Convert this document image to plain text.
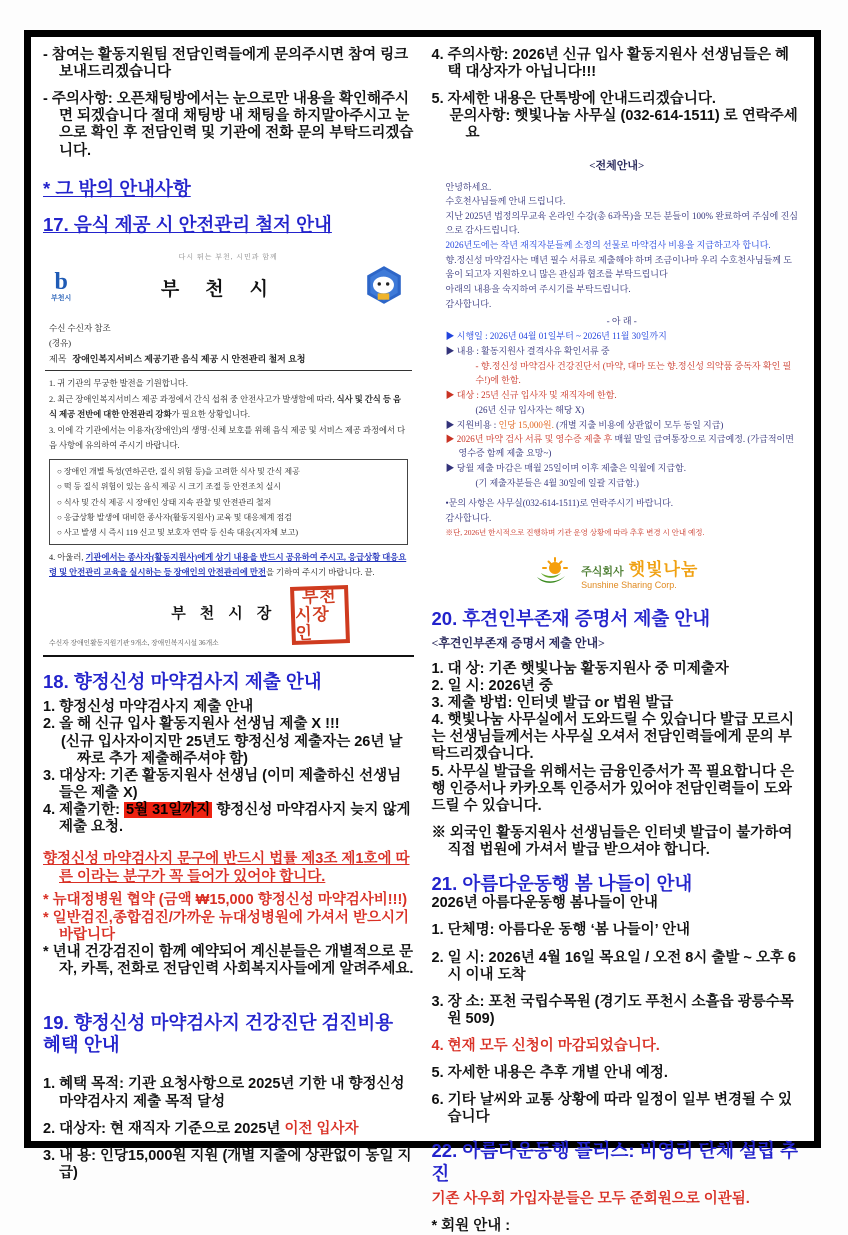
- 참여는 활동지원팀 전담인력들에게 문의주시면 참여 링크 보내드리겠습니다

- 주의사항: 오픈채팅방에서는 눈으로만 내용을 확인해주시면 되겠습니다 절대 채팅방 내 채팅을 하지말아주시고 눈으로 확인 후 전담인력 및 기관에 전화 문의 부탁드리겠습니다.

* 그 밖의 안내사항

17. 음식 제공 시 안전관리 철저 안내

다시 뛰는 부천, 시민과 함께

b
부천시	부천시
수신 수신자 참조
(경유)
제목 장애인복지서비스 제공기관 음식 제공 시 안전관리 철저 요청

1. 귀 기관의 무궁한 발전을 기원합니다.

2. 최근 장애인복지서비스 제공 과정에서 간식 섭취 중 안전사고가 발생함에 따라, 식사 및 간식 등 음식 제공 전반에 대한 안전관리 강화가 필요한 상황입니다.

3. 이에 각 기관에서는 이용자(장애인)의 생명·신체 보호를 위해 음식 제공 및 서비스 제공 과정에서 다음 사항에 유의하여 주시기 바랍니다.

○ 장애인 개별 특성(연하곤란, 질식 위험 등)을 고려한 식사 및 간식 제공
○ 떡 등 질식 위험이 있는 음식 제공 시 크기 조절 등 안전조치 실시
○ 식사 및 간식 제공 시 장애인 상태 지속 관찰 및 안전관리 철저
○ 응급상황 발생에 대비한 종사자(활동지원사) 교육 및 대응체계 점검
○ 사고 발생 시 즉시 119 신고 및 보호자 연락 등 신속 대응(지자체 보고)

4. 아울러, 기관에서는 종사자(활동지원사)에게 상기 내용을 반드시 공유하여 주시고, 응급상황 대응요령 및 안전관리 교육을 실시하는 등 장애인의 안전관리에 만전을 기하여 주시기 바랍니다. 끝.

부천시장
부천
시장인

수신자 장애인활동지원기관 9개소, 장애인복지시설 36개소

18. 향정신성 마약검사지 제출 안내

1. 향정신성 마약검사지 제출 안내

2. 올 해 신규 입사 활동지원사 선생님 제출 X !!!

(신규 입사자이지만 25년도 향정신성 제출자는 26년 날짜로 추가 제출해주셔야 함)

3. 대상자: 기존 활동지원사 선생님 (이미 제출하신 선생님들은 제출 X)

4. 제출기한: 5월 31일까지 향정신성 마약검사지 늦지 않게 제출 요청.

향정신성 마약검사지 문구에 반드시 법률 제3조 제1호에 따른 이라는 분구가 꼭 들어가 있어야 합니다.

* 뉴대정병원 협약 (금액 ₩15,000 향정신성 마약검사비!!!)

* 일반검진,종합검진/가까운 뉴대성병원에 가셔서 받으시기 바랍니다

* 년내 건강검진이 함께 예약되어 계신분들은 개별적으로 문자, 카톡, 전화로 전담인력 사회복지사들에게 알려주세요.

19. 향정신성 마약검사지 건강진단 검진비용 혜택 안내

1. 혜택 목적: 기관 요청사항으로 2025년 기한 내 향정신성 마약검사지 제출 목적 달성

2. 대상자: 현 재직자 기준으로 2025년 이전 입사자

3. 내 용: 인당15,000원 지원 (개별 지출에 상관없이 동일 지급)

4. 주의사항: 2026년 신규 입사 활동지원사 선생님들은 혜택 대상자가 아닙니다!!!

5. 자세한 내용은 단톡방에 안내드리겠습니다.

문의사항: 햇빛나눔 사무실 (032-614-1511) 로 연락주세요

<전체안내>

안녕하세요.

수호천사님들께 안내 드립니다.

지난 2025년 법정의무교육 온라인 수강(총 6과목)을 모든 분들이 100% 완료하여 주심에 진심으로 감사드립니다.

2026년도에는 작년 재직자분들께 소정의 선물로 마약검사 비용을 지급하고자 합니다.

향.정신성 마약검사는 매년 필수 서류로 제출해야 하며 조금이나마 우리 수호천사님들께 도움이 되고자 지원하오니 많은 관심과 협조를 부탁드립니다

아래의 내용을 숙지하여 주시기를 부탁드립니다.

감사합니다.

- 아 래 -

▶ 시행일 : 2026년 04월 01일부터 ~ 2026년 11월 30일까지

▶ 내용 : 활동지원사 결격사유 확인서류 중

- 향.정신성 마약검사 건강진단서 (마약, 대마 또는 향.정신성 의약품 중독자 확인 필수!)에 한함.

▶ 대상 : 25년 신규 입사자 및 재직자에 한함.

(26년 신규 입사자는 해당 X)

▶ 지원비용 : 인당 15,000원. (개별 지출 비용에 상관없이 모두 동일 지급)

▶ 2026년 마약 검사 서류 및 영수증 제출 후 매월 말일 급여통장으로 지급예정. (가급적이면 영수증 함께 제출 요망~)

▶ 당월 제출 마감은 매월 25일이며 이후 제출은 익월에 지급함.

(기 제출자분들은 4월 30일에 일괄 지급함.)

•문의 사항은 사무실(032-614-1511)로 연락주시기 바랍니다.

감사합니다.

※단, 2026년 한시적으로 진행하며 기관 운영 상황에 따라 추후 변경 시 안내 예정.

주식회사 햇빛나눔
Sunshine Sharing Corp.

20. 후견인부존재 증명서 제출 안내

<후견인부존재 증명서 제출 안내>

1. 대 상: 기존 햇빛나눔 활동지원사 중 미제출자

2. 일 시: 2026년 중

3. 제출 방법: 인터넷 발급 or 법원 발급

4. 햇빛나눔 사무실에서 도와드릴 수 있습니다 발급 모르시는 선생님들께서는 사무실 오셔서 전담인력들에게 문의 부탁드리겠습니다.

5. 사무실 발급을 위해서는 금융인증서가 꼭 필요합니다 은행 인증서나 카카오톡 인증서가 있어야 전담인력들이 도와드릴 수 있습니다.

※ 외국인 활동지원사 선생님들은 인터넷 발급이 불가하여 직접 법원에 가셔서 발급 받으셔야 합니다.

21. 아름다운동행 봄 나들이 안내

2026년 아름다운동행 봄나들이 안내

1. 단체명: 아름다운 동행 ‘봄 나들이’ 안내

2. 일 시: 2026년 4월 16일 목요일 / 오전 8시 출발 ~ 오후 6시 이내 도착

3. 장 소: 포천 국립수목원 (경기도 푸천시 소흘읍 광릉수목원 509)

4. 현재 모두 신청이 마감되었습니다.

5. 자세한 내용은 추후 개별 안내 예정.

6. 기타 날씨와 교통 상황에 따라 일정이 일부 변경될 수 있습니다

22. 아름다운동행 플러스: 비영리 단체 설립 추진

기존 사우회 가입자분들은 모두 준회원으로 이관됨.

* 회원 안내 :
